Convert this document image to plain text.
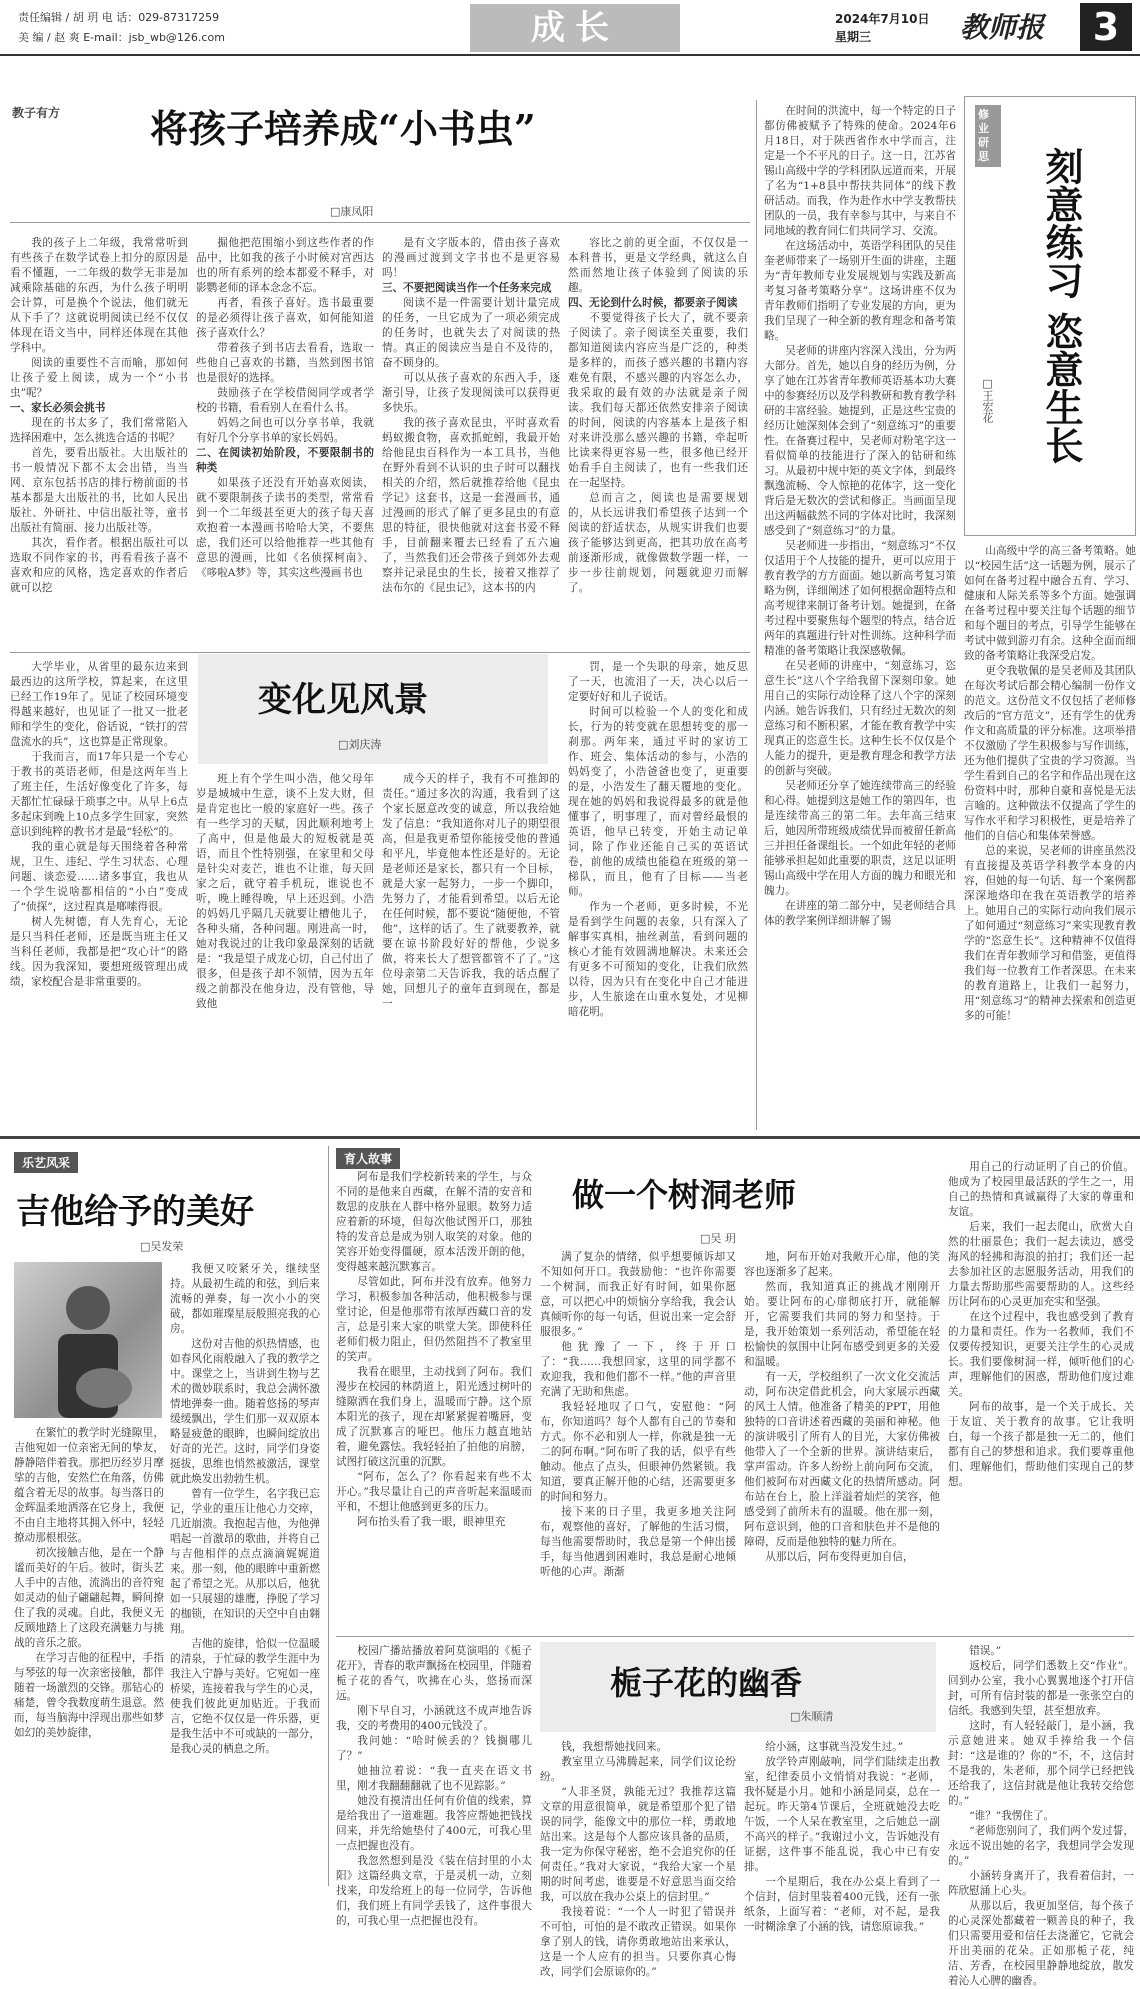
责任编辑 / 胡 玥 电 话：029-87317259
美 编 / 赵 爽 E-mail：jsb_wb@126.com	成长	2024年7月10日
星期三	教师报	3
教子有方 将孩子培养成“小书虫”
□康凤阳

我的孩子上二年级，我常常听到有些孩子在数学试卷上扣分的原因是看不懂题，一二年级的数学无非是加减乘除基础的东西，为什么孩子明明会计算，可是换个个说法，他们就无从下手了？这就说明阅读已经不仅仅体现在语文当中，同样还体现在其他学科中。

阅读的重要性不言而喻，那如何让孩子爱上阅读，成为一个“小书虫”呢？

一、家长必须会挑书

现在的书太多了，我们常常陷入选择困难中，怎么挑选合适的书呢？

首先，要看出版社。大出版社的书一般情况下都不太会出错，当当网、京东包括书店的排行榜前面的书基本都是大出版社的书，比如人民出版社、外研社、中信出版社等，童书出版社有简丽、接力出版社等。

其次，看作者。根据出版社可以选取不同作家的书，再看看孩子喜不喜欢和应的风格，选定喜欢的作者后就可以挖

掘他把范围缩小到这些作者的作品中，比如我的孩子小时候对宫西达也的所有系列的绘本都爱不释手，对影鹦老师的译本念念不忘。

再者，看孩子喜好。选书最重要的是必须得让孩子喜欢，如何能知道孩子喜欢什么？

带着孩子到书店去看看，选取一些他自己喜欢的书籍，当然到图书馆也是很好的选择。

鼓励孩子在学校借阅同学或者学校的书籍，看看别人在看什么书。

妈妈之间也可以分享书单，我就有好几个分享书单的家长妈妈。

二、在阅读初始阶段，不要限制书的种类

如果孩子还没有开始喜欢阅读，就不要限制孩子读书的类型，常常看到一个二年级甚至更大的孩子每天喜欢抱着一本漫画书哈哈大笑，不要焦虑，我们还可以给他推荐一些其他有意思的漫画，比如《名侦探柯南》、《哆啦A梦》等，其实这些漫画书也

是有文字版本的，借由孩子喜欢的漫画过渡到文字书也不是更容易吗！

三、不要把阅读当作一个任务来完成

阅读不是一件需要计划计量完成的任务，一旦它成为了一项必须完成的任务时，也就失去了对阅读的热情。真正的阅读应当是自不及待的，奋不顾身的。

可以从孩子喜欢的东西入手，逐渐引导，让孩子发现阅读可以获得更多快乐。

我的孩子喜欢昆虫，平时喜欢看蚂蚁搬食物，喜欢抓蛇蚓，我最开始给他昆虫百科作为一本工具书，当他在野外看到不认识的虫子时可以翻找相关的介绍，然后就推荐给他《昆虫学记》这套书，这是一套漫画书，通过漫画的形式了解了更多昆虫的有意思的特征，很快他就对这套书爱不释手，目前翻来覆去已经看了五六遍了，当然我们还会带孩子到郊外去观察并记录昆虫的生长，接着又推荐了法布尔的《昆虫记》，这本书的内

容比之前的更全面，不仅仅是一本科普书，更是文学经典，就这么自然而然地让孩子体验到了阅读的乐趣。

四、无论到什么时候，都要亲子阅读

不要觉得孩子长大了，就不要亲子阅读了。亲子阅读至关重要，我们都知道阅读内容应当是广泛的，种类是多样的，而孩子感兴趣的书籍内容难免有限，不感兴趣的内容怎么办，我采取的最有效的办法就是亲子阅读。我们每天都还依然安排亲子阅读的时间，阅读的内容基本上是孩子相对来讲没那么感兴趣的书籍，牵起听比读来得更容易一些，很多他已经开始看手自主阅读了，也有一些我们还在一起坚持。

总而言之，阅读也是需要规划的，从长远讲我们希望孩子达到一个阅读的舒适状态，从规实讲我们也要孩子能够达到更高，把其功放在高考前逐渐形成，就像做数学题一样，一步一步往前规划，问题就迎刃而解了。

大学毕业，从省里的最东边来到最西边的这所学校，算起来，在这里已经工作19年了。见证了校园环境变得越来越好，也见证了一批又一批老师和学生的变化，俗话说，“铁打的营盘流水的兵”，这也算是正常现象。

于我而言，而17年只是一个专心于教书的英语老师，但是这两年当上了班主任，生活好像变化了许多，每天都忙忙碌碌于琐事之中。从早上6点多起床到晚上10点多学生回家，突然意识到纯粹的教书才是最“轻松”的。

我的重心就是每天围绕着各种常规，卫生、违纪、学生习状态、心理问题、谈恋爱……诸多事宜，我也从一个学生说啥都相信的“小白”变成了“侦探”，这过程真是啷嗦得很。

树人先树德，育人先育心，无论是只当科任老师，还是既当班主任又当科任老师，我都是把“攻心计”的路线。因为我深知，要想班级管理出成绩，家校配合是非常重要的。

变化见风景
□刘庆涛

班上有个学生叫小浩，他父母年岁是城城中生意，谈不上发大财，但是肯定也比一般的家庭好一些。孩子有一些学习的天赋，因此顺利地考上了高中，但是他最大的短板就是英语，而且个性特别强，在家里和父母是针尖对麦芒，谁也不让谁，每天回家之后，就守着手机玩，谁说也不听，晚上睡得晚，早上还迟到。小浩的妈妈几乎隔几天就要让槽他儿子，各种头痛，各种问题。刚进高一时，她对我说过的让我印象最深刻的话就是：“我是望子成龙心切，自己付出了很多，但是孩子却不领情，因为五年级之前都没在他身边，没有管他，导致他

成今天的样子，我有不可推卸的责任。”通过多次的沟通，我看到了这个家长愿意改变的诚意，所以我给她发了信息：“我知道你对儿子的期望很高，但是我更希望你能接受他的普通和平凡，毕竟他本性还是好的。无论是老师还是家长，都只有一个目标，就是大家一起努力，一步一个脚印，先努力了，才能看到希望。以后无论在任何时候，都不要说“随便他，不管他”，这样的话了。生了就要教养，就要在谅书阶段好好的帮他，少说多做，将来长大了想管都管不了了。”这位母亲第二天告诉我，我的话点醒了她，回想儿子的童年直到现在，都是一

罚，是一个失职的母亲，她反思了一天，也流泪了一天，决心以后一定要好好和儿子说话。

时间可以检验一个人的变化和成长，行为的转变就在思想转变的那一刹那。两年来，通过平时的家访工作、班会、集体活动的参与，小浩的妈妈变了，小浩爸爸也变了，更重要的是，小浩发生了翻天覆地的变化。现在她的妈妈和我说得最多的就是他懂事了，明事理了，而对曾经最恨的英语，他早已转变，开始主动记单词，除了作业还能自己买的英语试卷，前他的成绩也能稳在班级的第一梯队，而且，他有了目标——当老师。

作为一个老师，更多时候，不光是看到学生问题的表象，只有深入了解事实真相，抽丝剥茧，看到问题的核心才能有效圆满地解决。未来还会有更多不可预知的变化，让我们欣然以待，因为只有在变化中自己才能进步，人生旅途在山重水复处，才见柳暗花明。

修业 研思	刻意练习 恣意生长
□王宏花

在时间的洪流中，每一个特定的日子都仿佛被赋予了特殊的使命。2024年6月18日，对于陕西省作水中学而言，注定是一个不平凡的日子。这一日，江苏省锡山高级中学的学科团队远道而来，开展了名为“1+8县中帮扶共同体”的线下教研活动。而我，作为赴作水中学支教帮扶团队的一员，我有幸参与其中，与来自不同地域的教育同仁们共同学习、交流。

在这场活动中，英语学科团队的吴佳奎老师带来了一场别开生面的讲座，主题为“青年教师专业发展规划与实践及新高考复习备考策略分享”。这场讲座不仅为青年教师们指明了专业发展的方向，更为我们呈现了一种全新的教育理念和备考策略。

吴老师的讲座内容深入浅出，分为两大部分。首先，她以自身的经历为例，分享了她在江苏省青年教师英语基本功大赛中的参赛经历以及学科教研和教育教学科研的丰富经验。她提到，正是这些宝贵的经历让她深刻体会到了“刻意练习”的重要性。在备赛过程中，吴老师对粉笔字这一看似简单的技能进行了深入的钻研和练习。从最初中规中矩的英文字体，到最终飘逸流畅、令人惊艳的花体字，这一变化背后是无数次的尝试和修正。当画面呈现出这两幅截然不同的字体对比时，我深刻感受到了“刻意练习”的力量。

吴老师进一步指出，“刻意练习”不仅仅适用于个人技能的提升，更可以应用于教育教学的方方面面。她以新高考复习策略为例，详细阐述了如何根据命题特点和高考规律来制订备考计划。她提到，在备考过程中要聚焦每个题型的特点，结合近两年的真题进行针对性训练。这种科学而精准的备考策略让我深感敬佩。

在吴老师的讲座中，“刻意练习，恣意生长”这八个字给我留下深刻印象。她用自己的实际行动诠释了这八个字的深刻内涵。她告诉我们，只有经过无数次的刻意练习和不断积累，才能在教育教学中实现真正的恣意生长。这种生长不仅仅是个人能力的提升，更是教育理念和教学方法的创新与突破。

吴老师还分享了她连续带高三的经验和心得。她提到这是她工作的第四年，也是连续带高三的第二年。去年高三结束后，她因所带班级成绩优异而被留任新高三并担任备课组长。一个如此年轻的老师能够承担起如此重要的职责，这足以证明锡山高级中学在用人方面的魄力和眼光和魄力。

在讲座的第二部分中，吴老师结合具体的教学案例详细讲解了锡

山高级中学的高三备考策略。她以“校园生活”这一话题为例，展示了如何在备考过程中融合五育、学习、健康和人际关系等多个方面。她强调在备考过程中要关注每个话题的细节和每个题目的考点，引导学生能够在考试中做到游刃有余。这种全面而细致的备考策略让我深受启发。

更令我敬佩的是吴老师及其团队在每次考试后都会精心编制一份作文的范文。这份范文不仅包括了老师修改后的“官方范文”，还有学生的优秀作文和高质量的评分标准。这项举措不仅激励了学生积极参与写作训练，还为他们提供了宝贵的学习资源。当学生看到自己的名字和作品出现在这份资料中时，那种自豪和喜悦是无法言喻的。这种做法不仅提高了学生的写作水平和学习积极性，更是培养了他们的自信心和集体荣誉感。

总的来说，吴老师的讲座虽然没有直接提及英语学科教学本身的内容，但她的每一句话、每一个案例都深深地烙印在我在英语教学的培养上。她用自己的实际行动向我们展示了如何通过“刻意练习”来实现教育教学的“恣意生长”。这种精神不仅值得我们在青年教师学习和借鉴，更值得我们每一位教育工作者深思。在未来的教育道路上，让我们一起努力，用“刻意练习”的精神去探索和创造更多的可能！

乐艺风采
吉他给予的美好
□吴发荣

在繁忙的教学时光缝隙里，吉他宛如一位亲密无间的挚友，静静陪伴着我。那把历经岁月摩挲的吉他，安然伫在角落，仿佛蕴含着无尽的故事。每当落日的金辉温柔地洒落在它身上，我便不由自主地将其拥入怀中，轻轻撩动那根根弦。

初次接触吉他，是在一个静谧而美好的午后。彼时，街头艺人手中的吉他，流淌出的音符宛如灵动的仙子翩翩起舞，瞬间撩住了我的灵魂。自此，我便义无反顾地踏上了这段充满魅力与挑战的音乐之旅。

在学习吉他的征程中，手指与琴弦的每一次亲密接触，都伴随着一场激烈的交锋。那钻心的痛楚，曾令我数度萌生退意。然而，每当脑海中浮现出那些如梦如幻的美妙旋律，

我便又咬紧牙关，继续坚持。从最初生疏的和弦，到后来流畅的弹奏，每一次小小的突破，都如璀璨星辰般照亮我的心房。

这份对吉他的炽热情感，也如春风化雨般融入了我的教学之中。课堂之上，当讲到生物与艺术的微妙联系时，我总会满怀激情地弹奏一曲。随着悠扬的琴声缓缓飘出，学生们那一双双原本略显疲惫的眼眸，也瞬间绽放出好奇的光芒。这时，同学们身姿挺拔，思维也悄然被激活，课堂就此焕发出勃勃生机。

曾有一位学生，名字我已忘记，学业的重压让他心力交瘁，几近崩溃。我抱起吉他，为他弹唱起一首激昂的歌曲，并将自己与吉他相伴的点点滴滴娓娓道来。那一刻，他的眼眸中重新燃起了希望之光。从那以后，他犹如一只展翅的雄鹰，挣脱了学习的枷锁，在知识的天空中自由翱翔。

吉他的旋律，恰似一位温暖的清泉，于忙碌的教学生涯中为我注入宁静与美好。它宛如一座桥梁，连接着我与学生的心灵，使我们彼此更加贴近。于我而言，它绝不仅仅是一件乐器，更是我生活中不可或缺的一部分，是我心灵的栖息之所。

育人故事
做一个树洞老师
□吴 玥

阿布是我们学校新转来的学生，与众不同的是他来自西藏，在解不清的安音和数思的皮肤在人群中格外显眼。数努力适应着新的环境，但每次他试图开口，那独特的发音总是成为别人取笑的对象。他的笑容开始变得僵硬，原本活泼开朗的他，变得越来越沉默寡言。

尽管如此，阿布并没有放弃。他努力学习，积极参加各种活动，他积极参与课堂讨论，但是他那带有浓厚西藏口音的发言，总是引来大家的哄堂大笑。即使科任老师们极力阻止，但仍然阻挡不了教室里的笑声。

我看在眼里，主动找到了阿布。我们漫步在校园的林荫道上，阳光透过树叶的缝隙洒在我们身上，温暖而宁静。这个原本阳光的孩子，现在却紧紧握着嘴唇，变成了沉默寡言的哑巴。他压力越直地站着，避免露怯。我轻轻拍了拍他的肩膀，试图打破这沉重的沉默。

“阿布，怎么了？你看起来有些不太开心。”我尽量让自己的声音听起来温暖而平和，不想让他感到更多的压力。

阿布抬头看了我一眼，眼神里充

满了复杂的情绪，似乎想要倾诉却又不知如何开口。我鼓励他：“也许你需要一个树洞，而我正好有时间，如果你愿意，可以把心中的烦恼分享给我，我会认真倾听你的每一句话，但说出来一定会舒服很多。”

他犹豫了一下，终于开口了：“我……我想回家，这里的同学都不欢迎我，我和他们都不一样。”他的声音里充满了无助和焦虑。

我轻轻地叹了口气，安慰他：“阿布，你知道吗？每个人都有自己的节奏和方式。你不必和别人一样，你就是独一无二的阿布啊。”阿布听了我的话，似乎有些触动。他点了点头，但眼神仍然紧锁。我知道，要真正解开他的心结，还需要更多的时间和努力。

接下来的日子里，我更多地关注阿布，观察他的喜好，了解他的生活习惯，每当他需要帮助时，我总是第一个伸出援手，每当他遇到困难时，我总是耐心地倾听他的心声。渐渐

地，阿布开始对我敞开心扉，他的笑容也逐渐多了起来。

然而，我知道真正的挑战才刚刚开始。要让阿布的心扉彻底打开，就能解开，它需要我们共同的努力和坚持。于是，我开始策划一系列活动，希望能在轻松愉快的氛围中让阿布感受到更多的关爱和温暖。

有一天，学校组织了一次文化交流活动，阿布决定借此机会，向大家展示西藏的风土人情。他准备了精美的PPT，用他独特的口音讲述着西藏的美丽和神秘。他的演讲吸引了所有人的目光，大家仿佛被他带入了一个全新的世界。演讲结束后，掌声雷动。许多人纷纷上前向阿布交流，他们被阿布对西藏文化的热情所感动。阿布站在台上，脸上洋溢着灿烂的笑容，他感受到了前所未有的温暖。他在那一刻，阿布意识到，他的口音和肤色并不是他的障碍，反而是他独特的魅力所在。

从那以后，阿布变得更加自信，

用自己的行动证明了自己的价值。他成为了校园里最活跃的学生之一，用自己的热情和真诚赢得了大家的尊重和友谊。

后来，我们一起去爬山，欣赏大自然的壮丽景色；我们一起去读边，感受海风的轻拂和海浪的拍打；我们还一起去参加社区的志愿服务活动，用我们的力量去帮助那些需要帮助的人。这些经历让阿布的心灵更加充实和坚强。

在这个过程中，我也感受到了教育的力量和责任。作为一名教师，我们不仅要传授知识，更要关注学生的心灵成长。我们要像树洞一样，倾听他们的心声，理解他们的困惑，帮助他们度过难关。

阿布的故事，是一个关于成长、关于友谊、关于教育的故事。它让我明白，每一个孩子都是独一无二的，他们都有自己的梦想和追求。我们要尊重他们、理解他们，帮助他们实现自己的梦想。

栀子花的幽香
□朱顺清

校园广播站播放着阿莫演唱的《栀子花开》，青春的歌声飘扬在校园里，伴随着栀子花的香气，吹拂在心头，悠扬而深远。

刚下早自习，小涵就这不成声地告诉我，交的考费用的400元钱没了。

我问她：“哈时候丢的？钱搁哪儿了？”

她抽泣着说：“我一直夹在语文书里，刚才我翻翻翻就了也不见踪影。”

她没有摸清出任何有价值的线索，算是给我出了一道难题。我答应帮她把钱找回来，并先给她垫付了400元，可我心里一点把握也没有。

我忽然想到是没《装在信封里的小太阳》这篇经典文章，于是灵机一动，立刻找来，印发给班上的每一位同学，告诉他们，我们班上有同学丢钱了，这件事很大的，可我心里一点把握也没有。

钱，我想帮她找回来。

教室里立马沸腾起来，同学们议论纷纷。

“人非圣贤，孰能无过？我推荐这篇文章的用意很简单，就是希望那个犯了错误的同学，能像文中的那位一样，勇敢地站出来。这是每个人都应该具备的品质，我一定为你保守秘密，绝不会追究你的任何责任。”我对大家说，“我给大家一个星期的时间考虑，谁要是不好意思当面交给我，可以放在我办公桌上的信封里。”

我接着说：“一个人一时犯了错误并不可怕，可怕的是不敢改正错误。如果你拿了别人的钱，请你勇敢地站出来承认，这是一个人应有的担当。只要你真心悔改，同学们会原谅你的。”

给小涵，这事就当没发生过。”

放学铃声刚敲响，同学们陆续走出教室，纪律委员小文悄悄对我说：“老师，我怀疑是小月。她和小涵是同桌，总在一起玩。昨天第4节课后，全班就她没去吃午饭，一个人呆在教室里，之后她总一副不高兴的样子。”我谢过小文，告诉她没有证据，这件事不能乱说，我心中已有安排。

一个星期后，我在办公桌上看到了一个信封，信封里装着400元钱，还有一张纸条，上面写着：“老师，对不起，是我一时糊涂拿了小涵的钱，请您原谅我。”

错误。”

返校后，同学们悉数上交“作业”。回到办公室，我小心翼翼地逐个打开信封，可所有信封装的都是一张张空白的信纸。我感到失望，甚至想放弃。

这时，有人轻轻敲门，是小涵，我示意她进来。她双手捧给我一个信封：“这是谁的？你的”不，不，这信封不是我的，朱老师，那个同学已经把钱还给我了，这信封就是他让我转交给您的。”

“谁？”我愣住了。

“老师您别问了，我们两个发过誓，永远不说出她的名字，我想同学会发现的。”

小涵转身离开了，我看着信封，一阵欣慰涌上心头。

从那以后，我更加坚信，每个孩子的心灵深处都藏着一颗善良的种子，我们只需要用爱和信任去浇灌它，它就会开出美丽的花朵。正如那栀子花，纯洁、芳香，在校园里静静地绽放，散发着沁人心脾的幽香。
